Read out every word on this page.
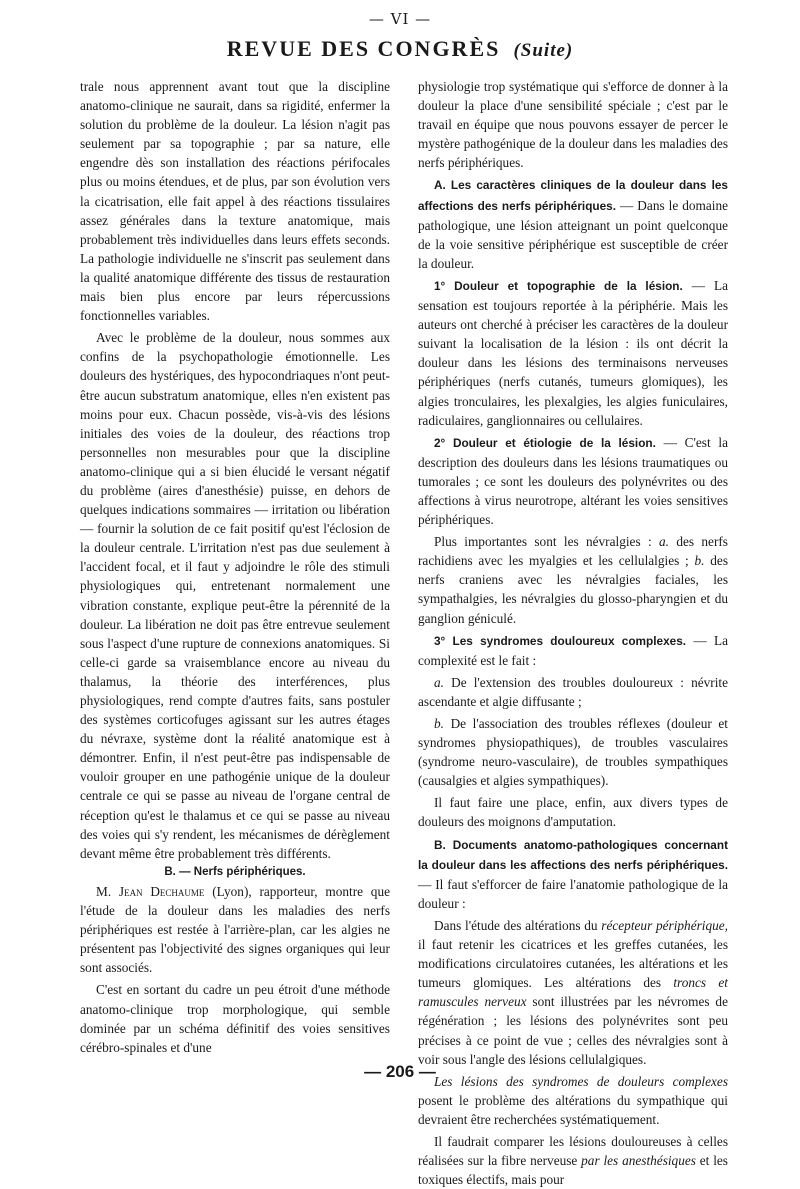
— VI —
REVUE DES CONGRÈS (Suite)

trale nous apprennent avant tout que la discipline anatomo-clinique ne saurait, dans sa rigidité, enfermer la solution du problème de la douleur. La lésion n'agit pas seulement par sa topographie ; par sa nature, elle engendre dès son installation des réactions périfocales plus ou moins étendues, et de plus, par son évolution vers la cicatrisation, elle fait appel à des réactions tissulaires assez générales dans la texture anatomique, mais probablement très individuelles dans leurs effets seconds. La pathologie individuelle ne s'inscrit pas seulement dans la qualité anatomique différente des tissus de restauration mais bien plus encore par leurs répercussions fonctionnelles variables.

Avec le problème de la douleur, nous sommes aux confins de la psychopathologie émotionnelle. Les douleurs des hystériques, des hypocondriaques n'ont peut-être aucun substratum anatomique, elles n'en existent pas moins pour eux. Chacun possède, vis-à-vis des lésions initiales des voies de la douleur, des réactions trop personnelles non mesurables pour que la discipline anatomo-clinique qui a si bien élucidé le versant négatif du problème (aires d'anesthésie) puisse, en dehors de quelques indications sommaires — irritation ou libération — fournir la solution de ce fait positif qu'est l'éclosion de la douleur centrale. L'irritation n'est pas due seulement à l'accident focal, et il faut y adjoindre le rôle des stimuli physiologiques qui, entretenant normalement une vibration constante, explique peut-être la pérennité de la douleur. La libération ne doit pas être entrevue seulement sous l'aspect d'une rupture de connexions anatomiques. Si celle-ci garde sa vraisemblance encore au niveau du thalamus, la théorie des interférences, plus physiologiques, rend compte d'autres faits, sans postuler des systèmes corticofuges agissant sur les autres étages du névraxe, système dont la réalité anatomique est à démontrer. Enfin, il n'est peut-être pas indispensable de vouloir grouper en une pathogénie unique de la douleur centrale ce qui se passe au niveau de l'organe central de réception qu'est le thalamus et ce qui se passe au niveau des voies qui s'y rendent, les mécanismes de dérèglement devant même être probablement très différents.

B. — Nerfs périphériques.

M. Jean Dechaume (Lyon), rapporteur, montre que l'étude de la douleur dans les maladies des nerfs périphériques est restée à l'arrière-plan, car les algies ne présentent pas l'objectivité des signes organiques qui leur sont associés.

C'est en sortant du cadre un peu étroit d'une méthode anatomo-clinique trop morphologique, qui semble dominée par un schéma définitif des voies sensitives cérébro-spinales et d'une

physiologie trop systématique qui s'efforce de donner à la douleur la place d'une sensibilité spéciale ; c'est par le travail en équipe que nous pouvons essayer de percer le mystère pathogénique de la douleur dans les maladies des nerfs périphériques.

A. Les caractères cliniques de la douleur dans les affections des nerfs périphériques. — Dans le domaine pathologique, une lésion atteignant un point quelconque de la voie sensitive périphérique est susceptible de créer la douleur.

1° Douleur et topographie de la lésion. — La sensation est toujours reportée à la périphérie. Mais les auteurs ont cherché à préciser les caractères de la douleur suivant la localisation de la lésion : ils ont décrit la douleur dans les lésions des terminaisons nerveuses périphériques (nerfs cutanés, tumeurs glomiques), les algies tronculaires, les plexalgies, les algies funiculaires, radiculaires, ganglionnaires ou cellulaires.

2° Douleur et étiologie de la lésion. — C'est la description des douleurs dans les lésions traumatiques ou tumorales ; ce sont les douleurs des polynévrites ou des affections à virus neurotrope, altérant les voies sensitives périphériques.

Plus importantes sont les névralgies : a. des nerfs rachidiens avec les myalgies et les cellulalgies ; b. des nerfs craniens avec les névralgies faciales, les sympathalgies, les névralgies du glosso-pharyngien et du ganglion géniculé.

3° Les syndromes douloureux complexes. — La complexité est le fait :

a. De l'extension des troubles douloureux : névrite ascendante et algie diffusante ;

b. De l'association des troubles réflexes (douleur et syndromes physiopathiques), de troubles vasculaires (syndrome neuro-vasculaire), de troubles sympathiques (causalgies et algies sympathiques).

Il faut faire une place, enfin, aux divers types de douleurs des moignons d'amputation.

B. Documents anatomo-pathologiques concernant la douleur dans les affections des nerfs périphériques. — Il faut s'efforcer de faire l'anatomie pathologique de la douleur :

Dans l'étude des altérations du récepteur périphérique, il faut retenir les cicatrices et les greffes cutanées, les modifications circulatoires cutanées, les altérations et les tumeurs glomiques. Les altérations des troncs et ramuscules nerveux sont illustrées par les névromes de régénération ; les lésions des polynévrites sont peu précises à ce point de vue ; celles des névralgies sont à voir sous l'angle des lésions cellulalgiques.

Les lésions des syndromes de douleurs complexes posent le problème des altérations du sympathique qui devraient être recherchées systématiquement.

Il faudrait comparer les lésions douloureuses à celles réalisées sur la fibre nerveuse par les anesthésiques et les toxiques électifs, mais pour

— 206 —
